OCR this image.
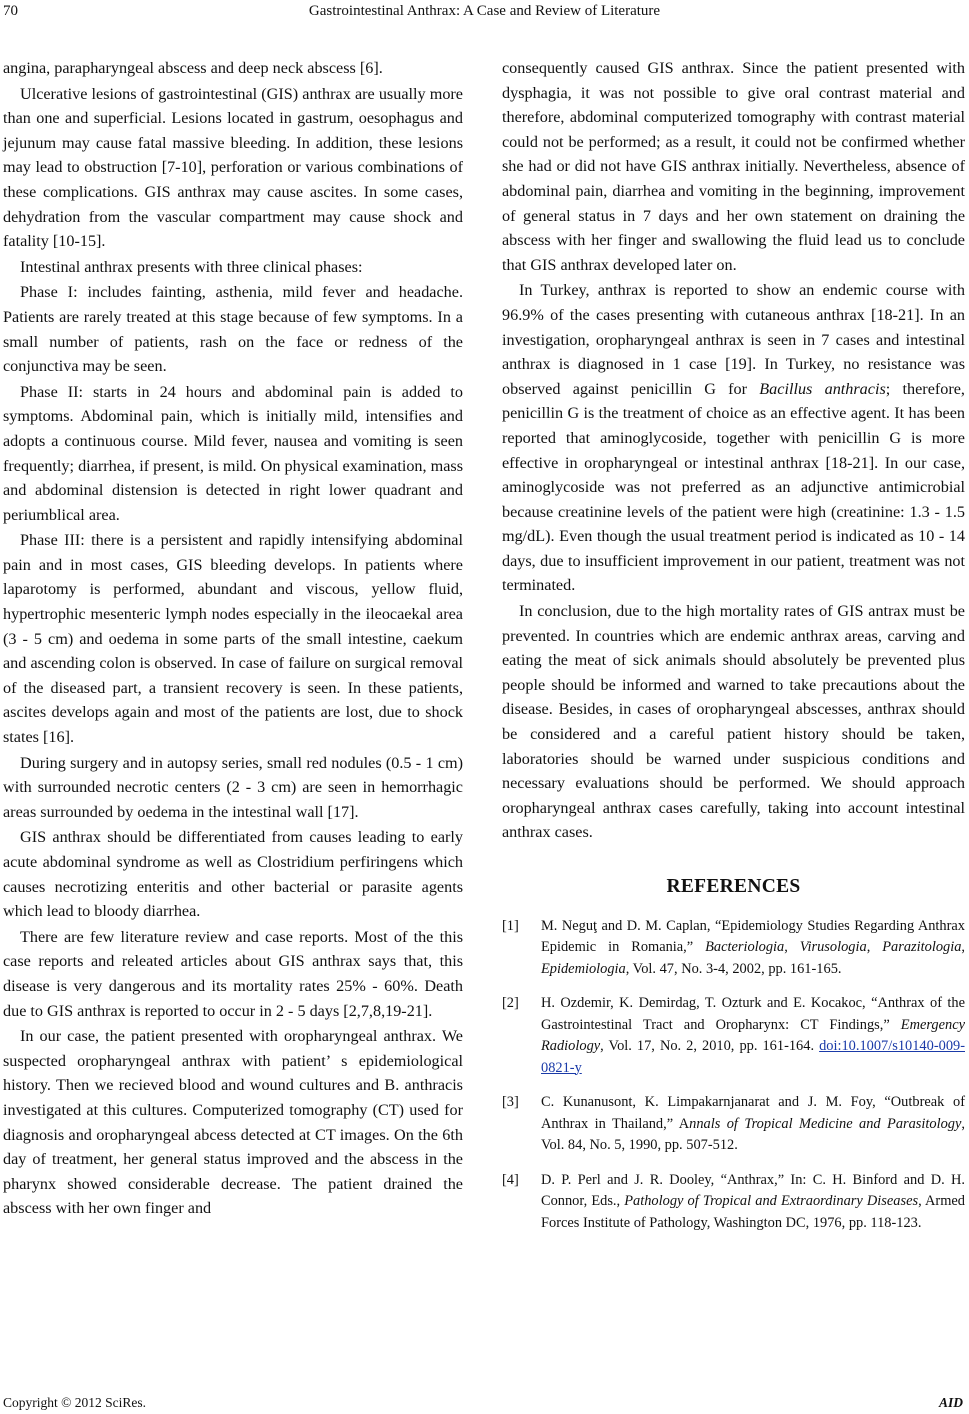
70	Gastrointestinal Anthrax: A Case and Review of Literature

angina, parapharyngeal abscess and deep neck abscess [6].

Ulcerative lesions of gastrointestinal (GIS) anthrax are usually more than one and superficial. Lesions located in gastrum, oesophagus and jejunum may cause fatal massive bleeding. In addition, these lesions may lead to obstruction [7-10], perforation or various combinations of these complications. GIS anthrax may cause ascites. In some cases, dehydration from the vascular compartment may cause shock and fatality [10-15].

Intestinal anthrax presents with three clinical phases:

Phase I: includes fainting, asthenia, mild fever and headache. Patients are rarely treated at this stage because of few symptoms. In a small number of patients, rash on the face or redness of the conjunctiva may be seen.

Phase II: starts in 24 hours and abdominal pain is added to symptoms. Abdominal pain, which is initially mild, intensifies and adopts a continuous course. Mild fever, nausea and vomiting is seen frequently; diarrhea, if present, is mild. On physical examination, mass and abdominal distension is detected in right lower quadrant and periumblical area.

Phase III: there is a persistent and rapidly intensifying abdominal pain and in most cases, GIS bleeding develops. In patients where laparotomy is performed, abundant and viscous, yellow fluid, hypertrophic mesenteric lymph nodes especially in the ileocaekal area (3 - 5 cm) and oedema in some parts of the small intestine, caekum and ascending colon is observed. In case of failure on surgical removal of the diseased part, a transient recovery is seen. In these patients, ascites develops again and most of the patients are lost, due to shock states [16].

During surgery and in autopsy series, small red nodules (0.5 - 1 cm) with surrounded necrotic centers (2 - 3 cm) are seen in hemorrhagic areas surrounded by oedema in the intestinal wall [17].

GIS anthrax should be differentiated from causes leading to early acute abdominal syndrome as well as Clostridium perfiringens which causes necrotizing enteritis and other bacterial or parasite agents which lead to bloody diarrhea.

There are few literature review and case reports. Most of the this case reports and releated articles about GIS anthrax says that, this disease is very dangerous and its mortality rates 25% - 60%. Death due to GIS anthrax is reported to occur in 2 - 5 days [2,7,8,19-21].

In our case, the patient presented with oropharyngeal anthrax. We suspected oropharyngeal anthrax with patient’ s epidemiological history. Then we recieved blood and wound cultures and B. anthracis investigated at this cultures. Computerized tomography (CT) used for diagnosis and oropharyngeal abcess detected at CT images. On the 6th day of treatment, her general status improved and the abscess in the pharynx showed considerable decrease. The patient drained the abscess with her own finger and

consequently caused GIS anthrax. Since the patient presented with dysphagia, it was not possible to give oral contrast material and therefore, abdominal computerized tomography with contrast material could not be performed; as a result, it could not be confirmed whether she had or did not have GIS anthrax initially. Nevertheless, absence of abdominal pain, diarrhea and vomiting in the beginning, improvement of general status in 7 days and her own statement on draining the abscess with her finger and swallowing the fluid lead us to conclude that GIS anthrax developed later on.

In Turkey, anthrax is reported to show an endemic course with 96.9% of the cases presenting with cutaneous anthrax [18-21]. In an investigation, oropharyngeal anthrax is seen in 7 cases and intestinal anthrax is diagnosed in 1 case [19]. In Turkey, no resistance was observed against penicillin G for Bacillus anthracis; therefore, penicillin G is the treatment of choice as an effective agent. It has been reported that aminoglycoside, together with penicillin G is more effective in oropharyngeal or intestinal anthrax [18-21]. In our case, aminoglycoside was not preferred as an adjunctive antimicrobial because creatinine levels of the patient were high (creatinine: 1.3 - 1.5 mg/dL). Even though the usual treatment period is indicated as 10 - 14 days, due to insufficient improvement in our patient, treatment was not terminated.

In conclusion, due to the high mortality rates of GIS antrax must be prevented. In countries which are endemic anthrax areas, carving and eating the meat of sick animals should absolutely be prevented plus people should be informed and warned to take precautions about the disease. Besides, in cases of oropharyngeal abscesses, anthrax should be considered and a careful patient history should be taken, laboratories should be warned under suspicious conditions and necessary evaluations should be performed. We should approach oropharyngeal anthrax cases carefully, taking into account intestinal anthrax cases.

REFERENCES
[1] M. Neguţ and D. M. Caplan, “Epidemiology Studies Regarding Anthrax Epidemic in Romania,” Bacteriologia, Virusologia, Parazitologia, Epidemiologia, Vol. 47, No. 3-4, 2002, pp. 161-165.
[2] H. Ozdemir, K. Demirdag, T. Ozturk and E. Kocakoc, “Anthrax of the Gastrointestinal Tract and Oropharynx: CT Findings,” Emergency Radiology, Vol. 17, No. 2, 2010, pp. 161-164. doi:10.1007/s10140-009-0821-y
[3] C. Kunanusont, K. Limpakarnjanarat and J. M. Foy, “Outbreak of Anthrax in Thailand,” Annals of Tropical Medicine and Parasitology, Vol. 84, No. 5, 1990, pp. 507-512.
[4] D. P. Perl and J. R. Dooley, “Anthrax,” In: C. H. Binford and D. H. Connor, Eds., Pathology of Tropical and Extraordinary Diseases, Armed Forces Institute of Pathology, Washington DC, 1976, pp. 118-123.
Copyright © 2012 SciRes.	AID
